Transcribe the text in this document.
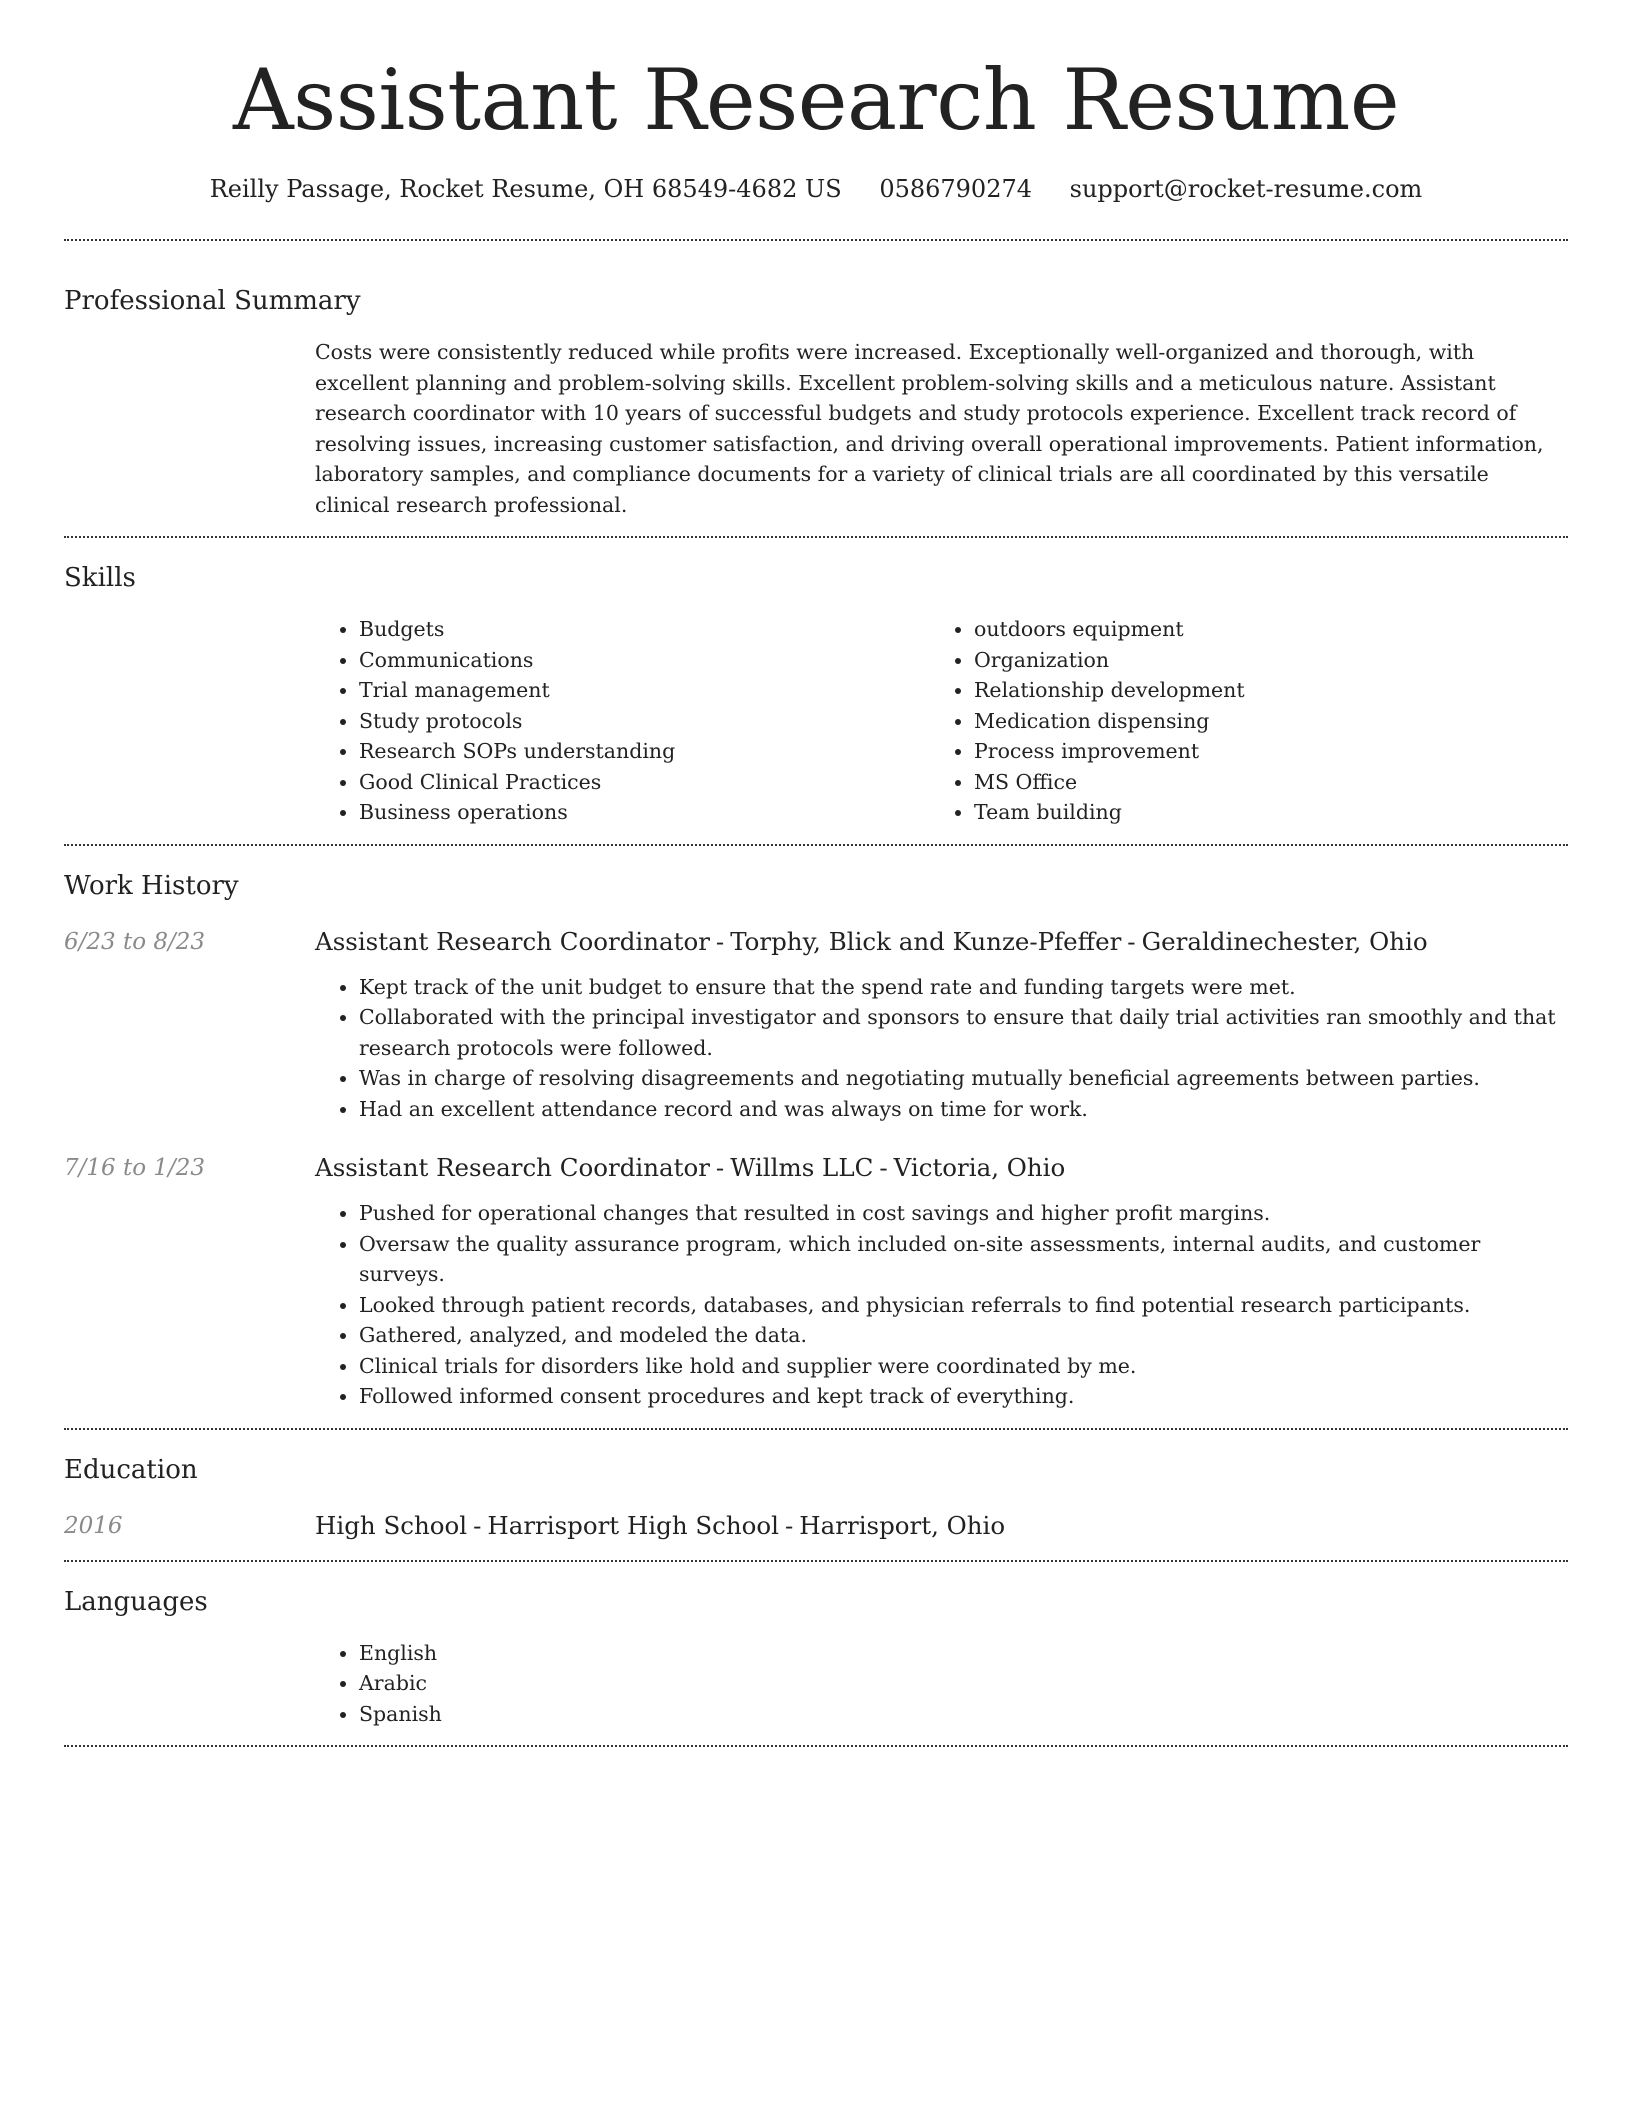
Assistant Research Resume
Reilly Passage, Rocket Resume, OH 68549-4682 US 0586790274 support@rocket-resume.com
Professional Summary
Costs were consistently reduced while profits were increased. Exceptionally well-organized and thorough, with excellent planning and problem-solving skills. Excellent problem-solving skills and a meticulous nature. Assistant research coordinator with 10 years of successful budgets and study protocols experience. Excellent track record of resolving issues, increasing customer satisfaction, and driving overall operational improvements. Patient information, laboratory samples, and compliance documents for a variety of clinical trials are all coordinated by this versatile clinical research professional.
Skills
• Budgets
• Communications
• Trial management
• Study protocols
• Research SOPs understanding
• Good Clinical Practices
• Business operations
• outdoors equipment
• Organization
• Relationship development
• Medication dispensing
• Process improvement
• MS Office
• Team building
Work History
6/23 to 8/23	Assistant Research Coordinator - Torphy, Blick and Kunze-Pfeffer - Geraldinechester, Ohio
• Kept track of the unit budget to ensure that the spend rate and funding targets were met.
• Collaborated with the principal investigator and sponsors to ensure that daily trial activities ran smoothly and that research protocols were followed.
• Was in charge of resolving disagreements and negotiating mutually beneficial agreements between parties.
• Had an excellent attendance record and was always on time for work.
7/16 to 1/23	Assistant Research Coordinator - Willms LLC - Victoria, Ohio
• Pushed for operational changes that resulted in cost savings and higher profit margins.
• Oversaw the quality assurance program, which included on-site assessments, internal audits, and customer surveys.
• Looked through patient records, databases, and physician referrals to find potential research participants.
• Gathered, analyzed, and modeled the data.
• Clinical trials for disorders like hold and supplier were coordinated by me.
• Followed informed consent procedures and kept track of everything.
Education
2016	High School - Harrisport High School - Harrisport, Ohio
Languages
• English
• Arabic
• Spanish
